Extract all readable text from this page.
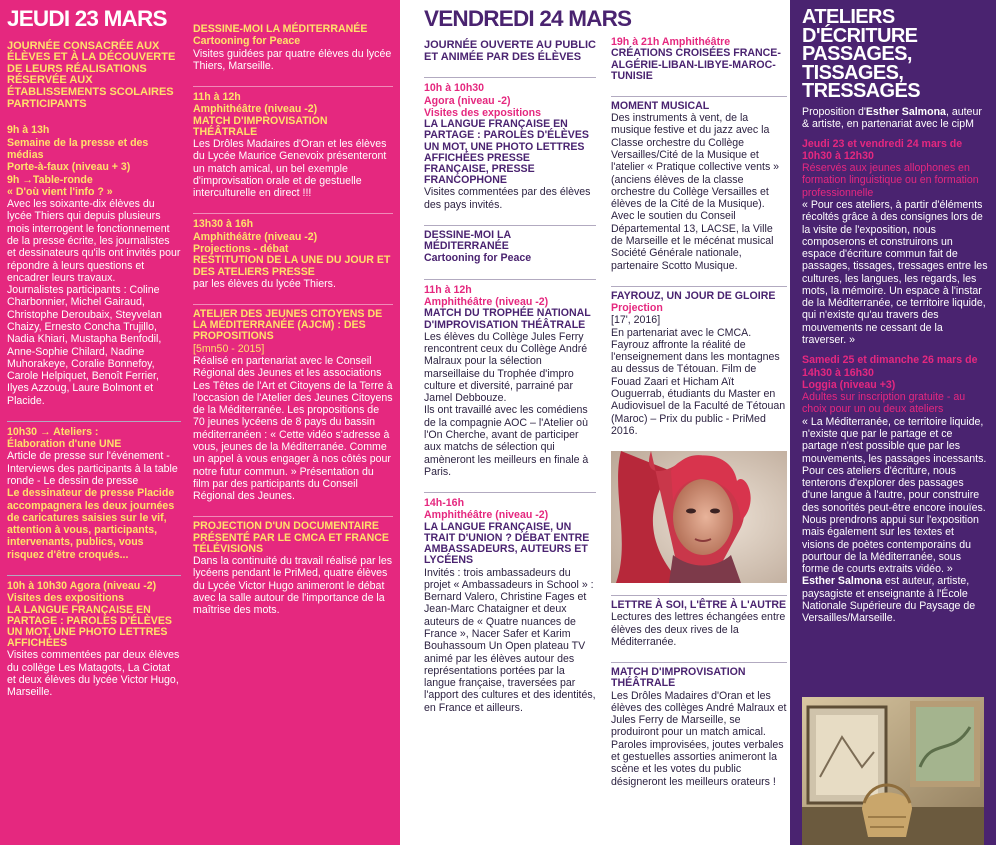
JEUDI 23 MARS
JOURNÉE CONSACRÉE AUX ÉLÈVES ET À LA DÉCOUVERTE DE LEURS RÉALISATIONS RÉSERVÉE AUX ÉTABLISSEMENTS SCOLAIRES PARTICIPANTS

9h à 13h

Semaine de la presse et des médias

Porte-à-faux (niveau + 3)

9h →Table-ronde

« D'où vient l'info ? »

Avec les soixante-dix élèves du lycée Thiers qui depuis plusieurs mois interrogent le fonctionnement de la presse écrite, les journalistes et dessinateurs qu'ils ont invités pour répondre à leurs questions et encadrer leurs travaux.

Journalistes participants : Coline Charbonnier, Michel Gairaud, Christophe Deroubaix, Steyvelan Chaizy, Ernesto Concha Trujillo, Nadia Khiari, Mustapha Benfodil, Anne-Sophie Chilard, Nadine Muhorakeye, Coralie Bonnefoy, Carole Helpiquet, Benoît Ferrier, Ilyes Azzoug, Laure Bolmont et Placide.

10h30 → Ateliers :

Élaboration d'une UNE

Article de presse sur l'événement - Interviews des participants à la table ronde - Le dessin de presse

Le dessinateur de presse Placide accompagnera les deux journées de caricatures saisies sur le vif, attention à vous, participants, intervenants, publics, vous risquez d'être croqués...

10h à 10h30 Agora (niveau -2)

Visites des expositions

LA LANGUE FRANÇAISE EN PARTAGE : PAROLES D'ÉLÈVES UN MOT, UNE PHOTO LETTRES AFFICHÉES

Visites commentées par deux élèves du collège Les Matagots, La Ciotat et deux élèves du lycée Victor Hugo, Marseille.

DESSINE-MOI LA MÉDITERRANÉE

Cartooning for Peace

Visites guidées par quatre élèves du lycée Thiers, Marseille.

11h à 12h

Amphithéâtre (niveau -2)

MATCH D'IMPROVISATION THÉÂTRALE

Les Drôles Madaires d'Oran et les élèves du Lycée Maurice Genevoix présenteront un match amical, un bel exemple d'improvisation orale et de gestuelle interculturelle en direct !!!

13h30 à 16h

Amphithéâtre (niveau -2)

Projections - débat

RESTITUTION DE LA UNE DU JOUR ET DES ATELIERS PRESSE

par les élèves du lycée Thiers.

ATELIER DES JEUNES CITOYENS DE LA MÉDITERRANÉE (AJCM) : DES PROPOSITIONS

[5mn50 - 2015]

Réalisé en partenariat avec le Conseil Régional des Jeunes et les associations Les Têtes de l'Art et Citoyens de la Terre à l'occasion de l'Atelier des Jeunes Citoyens de la Méditerranée. Les propositions de 70 jeunes lycéens de 8 pays du bassin méditerranéen : « Cette vidéo s'adresse à vous, jeunes de la Méditerranée. Comme un appel à vous engager à nos côtés pour notre futur commun. » Présentation du film par des participants du Conseil Régional des Jeunes.

PROJECTION D'UN DOCUMENTAIRE PRÉSENTÉ PAR LE CMCA ET FRANCE TÉLÉVISIONS

Dans la continuité du travail réalisé par les lycéens pendant le PriMed, quatre élèves du Lycée Victor Hugo animeront le débat avec la salle autour de l'importance de la maîtrise des mots.

VENDREDI 24 MARS
JOURNÉE OUVERTE AU PUBLIC ET ANIMÉE PAR DES ÉLÈVES

10h à 10h30

Agora (niveau -2)

Visites des expositions

LA LANGUE FRANÇAISE EN PARTAGE : PAROLES D'ÉLÈVES UN MOT, UNE PHOTO LETTRES AFFICHÉES PRESSE FRANÇAISE, PRESSE FRANCOPHONE

Visites commentées par des élèves des pays invités.

DESSINE-MOI LA MÉDITERRANÉE

Cartooning for Peace

11h à 12h

Amphithéâtre (niveau -2)

MATCH DU TROPHÉE NATIONAL D'IMPROVISATION THÉÂTRALE

Les élèves du Collège Jules Ferry rencontrent ceux du Collège André Malraux pour la sélection marseillaise du Trophée d'impro culture et diversité, parrainé par Jamel Debbouze.

Ils ont travaillé avec les comédiens de la compagnie AOC – l'Atelier où l'On Cherche, avant de participer aux matchs de sélection qui amèneront les meilleurs en finale à Paris.

14h-16h

Amphithéâtre (niveau -2)

LA LANGUE FRANÇAISE, UN TRAIT D'UNION ? DÉBAT ENTRE AMBASSADEURS, AUTEURS ET LYCÉENS

Invités : trois ambassadeurs du projet « Ambassadeurs in School » : Bernard Valero, Christine Fages et Jean-Marc Chataigner et deux auteurs de « Quatre nuances de France », Nacer Safer et Karim Bouhassoum Un Open plateau TV animé par les élèves autour des représentations portées par la langue française, traversées par l'apport des cultures et des identités, en France et ailleurs.

19h à 21h Amphithéâtre

CRÉATIONS CROISÉES FRANCE-ALGÉRIE-LIBAN-LIBYE-MAROC-TUNISIE

MOMENT MUSICAL

Des instruments à vent, de la musique festive et du jazz avec la Classe orchestre du Collège Versailles/Cité de la Musique et l'atelier « Pratique collective vents » (anciens élèves de la classe orchestre du Collège Versailles et élèves de la Cité de la Musique). Avec le soutien du Conseil Départemental 13, LACSE, la Ville de Marseille et le mécénat musical Société Générale nationale, partenaire Scotto Musique.

FAYROUZ, UN JOUR DE GLOIRE

Projection

[17', 2016]

En partenariat avec le CMCA. Fayrouz affronte la réalité de l'enseignement dans les montagnes au dessus de Tétouan. Film de Fouad Zaari et Hicham Aït Ouguerrab, étudiants du Master en Audiovisuel de la Faculté de Tétouan (Maroc) – Prix du public - PriMed 2016.

LETTRE À SOI, L'ÊTRE À L'AUTRE

Lectures des lettres échangées entre élèves des deux rives de la Méditerranée.

MATCH D'IMPROVISATION THÉÂTRALE

Les Drôles Madaires d'Oran et les élèves des collèges André Malraux et Jules Ferry de Marseille, se produiront pour un match amical. Paroles improvisées, joutes verbales et gestuelles assorties animeront la scène et les votes du public désigneront les meilleurs orateurs !

ATELIERS D'ÉCRITURE PASSAGES, TISSAGES, TRESSAGES

Proposition d'Esther Salmona, auteur & artiste, en partenariat avec le cipM

Jeudi 23 et vendredi 24 mars de 10h30 à 12h30

Réservés aux jeunes allophones en formation linguistique ou en formation professionnelle

« Pour ces ateliers, à partir d'éléments récoltés grâce à des consignes lors de la visite de l'exposition, nous composerons et construirons un espace d'écriture commun fait de passages, tissages, tressages entre les cultures, les langues, les regards, les mots, la mémoire. Un espace à l'instar de la Méditerranée, ce territoire liquide, qui n'existe qu'au travers des mouvements ne cessant de la traverser. »

Samedi 25 et dimanche 26 mars de 14h30 à 16h30

Loggia (niveau +3)

Adultes sur inscription gratuite - au choix pour un ou deux ateliers

« La Méditerranée, ce territoire liquide, n'existe que par le partage et ce partage n'est possible que par les mouvements, les passages incessants. Pour ces ateliers d'écriture, nous tenterons d'explorer des passages d'une langue à l'autre, pour construire des sonorités peut-être encore inouïes. Nous prendrons appui sur l'exposition mais également sur les textes et visions de poètes contemporains du pourtour de la Méditerranée, sous forme de courts extraits vidéo. »

Esther Salmona est auteur, artiste, paysagiste et enseignante à l'École Nationale Supérieure du Paysage de Versailles/Marseille.
